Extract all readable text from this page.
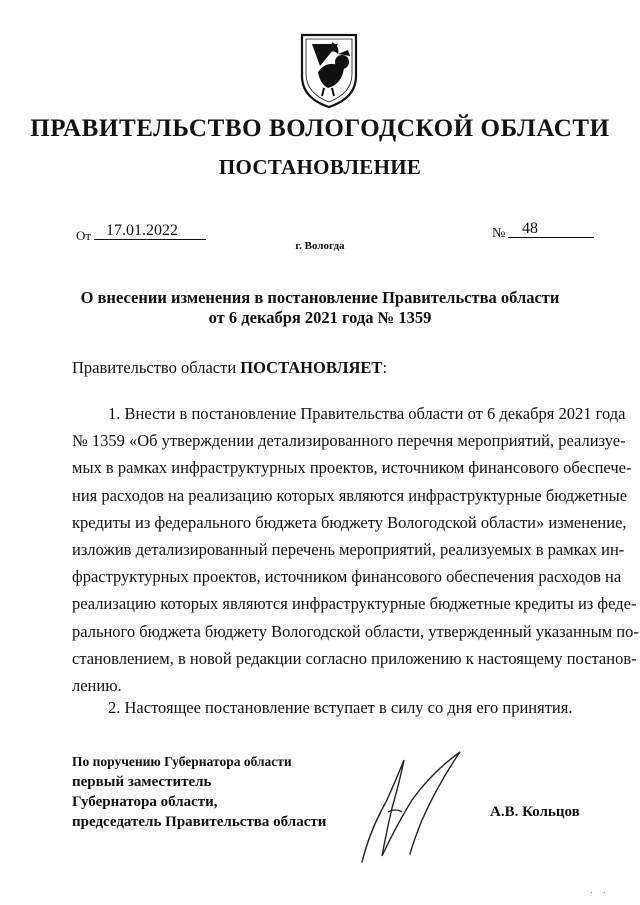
ПРАВИТЕЛЬСТВО ВОЛОГОДСКОЙ ОБЛАСТИ
ПОСТАНОВЛЕНИЕ
От 17.01.2022	№ 48
г. Вологда
О внесении изменения в постановление Правительства области
от 6 декабря 2021 года № 1359
Правительство области ПОСТАНОВЛЯЕТ:
1. Внести в постановление Правительства области от 6 декабря 2021 года
№ 1359 «Об утверждении детализированного перечня мероприятий, реализуе-
мых в рамках инфраструктурных проектов, источником финансового обеспече-
ния расходов на реализацию которых являются инфраструктурные бюджетные
кредиты из федерального бюджета бюджету Вологодской области» изменение,
изложив детализированный перечень мероприятий, реализуемых в рамках ин-
фраструктурных проектов, источником финансового обеспечения расходов на
реализацию которых являются инфраструктурные бюджетные кредиты из феде-
рального бюджета бюджету Вологодской области, утвержденный указанным по-
становлением, в новой редакции согласно приложению к настоящему постанов-
лению.
2. Настоящее постановление вступает в силу со дня его принятия.
По поручению Губернатора области
первый заместитель
Губернатора области,
председатель Правительства области
А.В. Кольцов
. .
